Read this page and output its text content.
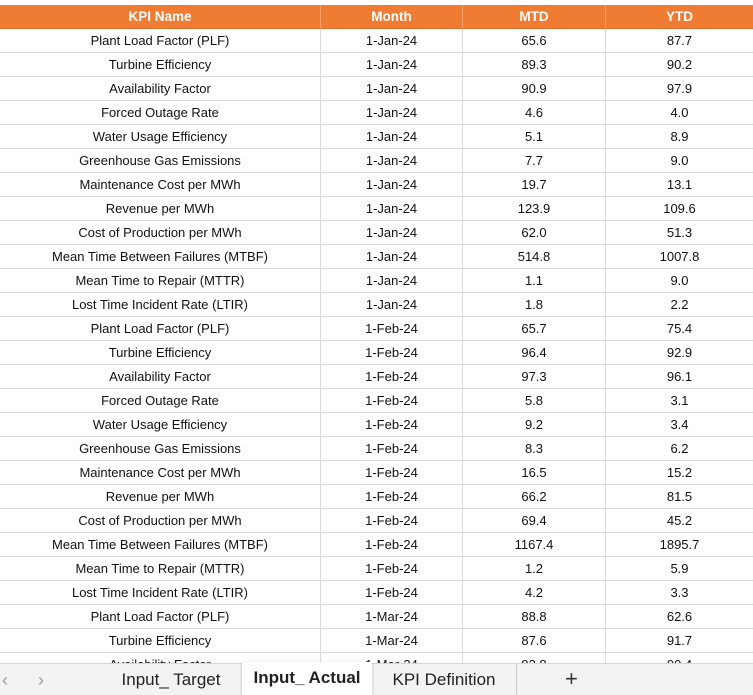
KPI Name	Month	MTD	YTD
Plant Load Factor (PLF)	1-Jan-24	65.6	87.7
Turbine Efficiency	1-Jan-24	89.3	90.2
Availability Factor	1-Jan-24	90.9	97.9
Forced Outage Rate	1-Jan-24	4.6	4.0
Water Usage Efficiency	1-Jan-24	5.1	8.9
Greenhouse Gas Emissions	1-Jan-24	7.7	9.0
Maintenance Cost per MWh	1-Jan-24	19.7	13.1
Revenue per MWh	1-Jan-24	123.9	109.6
Cost of Production per MWh	1-Jan-24	62.0	51.3
Mean Time Between Failures (MTBF)	1-Jan-24	514.8	1007.8
Mean Time to Repair (MTTR)	1-Jan-24	1.1	9.0
Lost Time Incident Rate (LTIR)	1-Jan-24	1.8	2.2
Plant Load Factor (PLF)	1-Feb-24	65.7	75.4
Turbine Efficiency	1-Feb-24	96.4	92.9
Availability Factor	1-Feb-24	97.3	96.1
Forced Outage Rate	1-Feb-24	5.8	3.1
Water Usage Efficiency	1-Feb-24	9.2	3.4
Greenhouse Gas Emissions	1-Feb-24	8.3	6.2
Maintenance Cost per MWh	1-Feb-24	16.5	15.2
Revenue per MWh	1-Feb-24	66.2	81.5
Cost of Production per MWh	1-Feb-24	69.4	45.2
Mean Time Between Failures (MTBF)	1-Feb-24	1167.4	1895.7
Mean Time to Repair (MTTR)	1-Feb-24	1.2	5.9
Lost Time Incident Rate (LTIR)	1-Feb-24	4.2	3.3
Plant Load Factor (PLF)	1-Mar-24	88.8	62.6
Turbine Efficiency	1-Mar-24	87.6	91.7
‹ ›	Input_ Target	Input_ Actual	KPI Definition	+
